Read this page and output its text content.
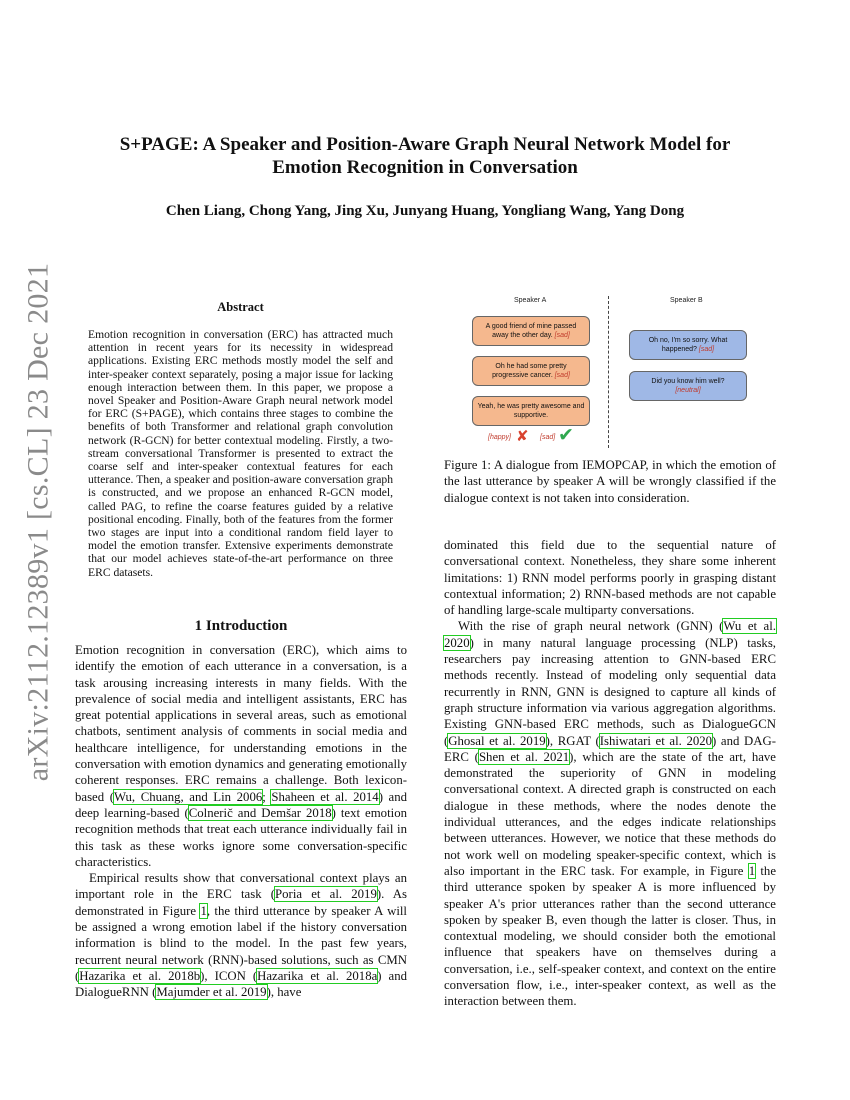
arXiv:2112.12389v1 [cs.CL] 23 Dec 2021
S+PAGE: A Speaker and Position-Aware Graph Neural Network Model for
Emotion Recognition in Conversation
Chen Liang, Chong Yang, Jing Xu, Junyang Huang, Yongliang Wang, Yang Dong
Abstract
Emotion recognition in conversation (ERC) has attracted much attention in recent years for its necessity in widespread applications. Existing ERC methods mostly model the self and inter-speaker context separately, posing a major issue for lacking enough interaction between them. In this paper, we propose a novel Speaker and Position-Aware Graph neural network model for ERC (S+PAGE), which contains three stages to combine the benefits of both Transformer and relational graph convolution network (R-GCN) for better contextual modeling. Firstly, a two-stream conversational Transformer is presented to extract the coarse self and inter-speaker contextual features for each utterance. Then, a speaker and position-aware conversation graph is constructed, and we propose an enhanced R-GCN model, called PAG, to refine the coarse features guided by a relative positional encoding. Finally, both of the features from the former two stages are input into a conditional random field layer to model the emotion transfer. Extensive experiments demonstrate that our model achieves state-of-the-art performance on three ERC datasets.
1 Introduction

Emotion recognition in conversation (ERC), which aims to identify the emotion of each utterance in a conversation, is a task arousing increasing interests in many fields. With the prevalence of social media and intelligent assistants, ERC has great potential applications in several areas, such as emotional chatbots, sentiment analysis of comments in social media and healthcare intelligence, for understanding emotions in the conversation with emotion dynamics and generating emotionally coherent responses. ERC remains a challenge. Both lexicon-based (Wu, Chuang, and Lin 2006; Shaheen et al. 2014) and deep learning-based (Colnerič and Demšar 2018) text emotion recognition methods that treat each utterance individually fail in this task as these works ignore some conversation-specific characteristics.

Empirical results show that conversational context plays an important role in the ERC task (Poria et al. 2019). As demonstrated in Figure 1, the third utterance by speaker A will be assigned a wrong emotion label if the history conversation information is blind to the model. In the past few years, recurrent neural network (RNN)-based solutions, such as CMN (Hazarika et al. 2018b), ICON (Hazarika et al. 2018a) and DialogueRNN (Majumder et al. 2019), have

Speaker A	Speaker B
A good friend of mine passed away the other day. [sad]
Oh he had some pretty progressive cancer. [sad]
Yeah, he was pretty awesome and supportive.
Oh no, I'm so sorry. What happened? [sad]
Did you know him well?
[neutral]
[happy] ✘ [sad] ✔
Figure 1: A dialogue from IEMOPCAP, in which the emotion of the last utterance by speaker A will be wrongly classified if the dialogue context is not taken into consideration.

dominated this field due to the sequential nature of conversational context. Nonetheless, they share some inherent limitations: 1) RNN model performs poorly in grasping distant contextual information; 2) RNN-based methods are not capable of handling large-scale multiparty conversations.

With the rise of graph neural network (GNN) (Wu et al. 2020) in many natural language processing (NLP) tasks, researchers pay increasing attention to GNN-based ERC methods recently. Instead of modeling only sequential data recurrently in RNN, GNN is designed to capture all kinds of graph structure information via various aggregation algorithms. Existing GNN-based ERC methods, such as DialogueGCN (Ghosal et al. 2019), RGAT (Ishiwatari et al. 2020) and DAG-ERC (Shen et al. 2021), which are the state of the art, have demonstrated the superiority of GNN in modeling conversational context. A directed graph is constructed on each dialogue in these methods, where the nodes denote the individual utterances, and the edges indicate relationships between utterances. However, we notice that these methods do not work well on modeling speaker-specific context, which is also important in the ERC task. For example, in Figure 1 the third utterance spoken by speaker A is more influenced by speaker A's prior utterances rather than the second utterance spoken by speaker B, even though the latter is closer. Thus, in contextual modeling, we should consider both the emotional influence that speakers have on themselves during a conversation, i.e., self-speaker context, and context on the entire conversation flow, i.e., inter-speaker context, as well as the interaction between them.
